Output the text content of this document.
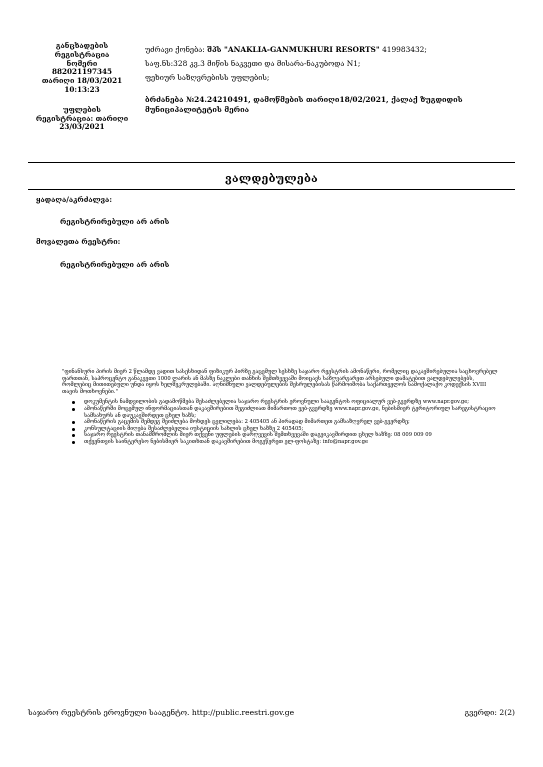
განცხადების
რეგისტრაცია
ნომერი
882021197345
თარიღი 18/03/2021
10:13:23
უფლების
რეგისტრაცია: თარიღი
23/03/2021

უძრავი ქონება: შპს "ANAKLIA-GANMUKHURI RESORTS" 419983432;

საფ.ნს:328 კვ.3 მიწის ნაკვეთი და მისარა-ნაკუბოდა N1;

ფეხიურ საზღვრებისს უფლების;

ბრძანება №24.24210491, დამოწმების თარიღი18/02/2021, ქალაქ ზუგდიდის

მუნიციპალიტეტის მერია

ვალდებულება
ყადაღა/აკრძალვა:
რეგისტრირებული არ არის
მოვალეთა რეესტრი:
რეგისტრირებული არ არის

"ფინანსური პირის მიერ 2 წლამდე ვადით სასესხიდან ფიზიკურ პირზე გაცემულ სესხზე საჯარო რეესტრის ამონაწერი, რომელიც დაკავშირებულია საცხოვრებელ ფართთან, საპროცენტო განაკვეთი 1000 ლარის ან მასზე ნაკლები თანხის შემთხვევაში მოიცავს საზღვარგარეთ არსებული დამატებით ვალდებულებებს, რომლებიც მითითებული უნდა იყოს ხელშეკრულებაში. აღნიშნული ვალდებულების შესრულებისას წარმოიშობა საქართველოს სამოქალაქო კოდექსის XVIII თავის მოთხოვნები."

დოკუმენტის ნამდვილობის გადამოწმება შესაძლებელია საჯარო რეესტრის ეროვნული სააგენტოს ოფიციალურ ვებ-გვერდზე www.napr.gov.ge;
ამონაწერში მოცემულ ინფორმაციასთან დაკავშირებით შეგიძლიათ მიმართოთ ვებ-გვერდზე www.napr.gov.ge, ნებისმიერ ტერიტორიულ სარეგისტრაციო სამსახურს ან დაუკავშირდეთ ცხელ ხაზს;
ამონაწერის გაცემის შემდეგ შეიძლება მოხდეს ცვლილება: 2 405405 ან პირადად მიმართეთ გამსაზღვრელ ვებ-გვერდზე;
კონსულტაციის მიღება შესაძლებელია იუსტიციის სახლის ცხელ ხაზზე 2 405405;
საჯარო რეესტრის თანამშრომლის მიერ თქვენი უფლების დარღვევის შემთხვევაში დაგვიკავშირდით ცხელ ხაზზე: 08 009 009 09
თქვენთვის საინტერესო ნებისმიერ საკითხთან დაკავშირებით მოგვწერეთ ელ-ფოსტაზე: info@napr.gov.ge
საჯარო რეესტრის ეროვნული სააგენტო. http://public.reestri.gov.ge	გვერდი: 2(2)
